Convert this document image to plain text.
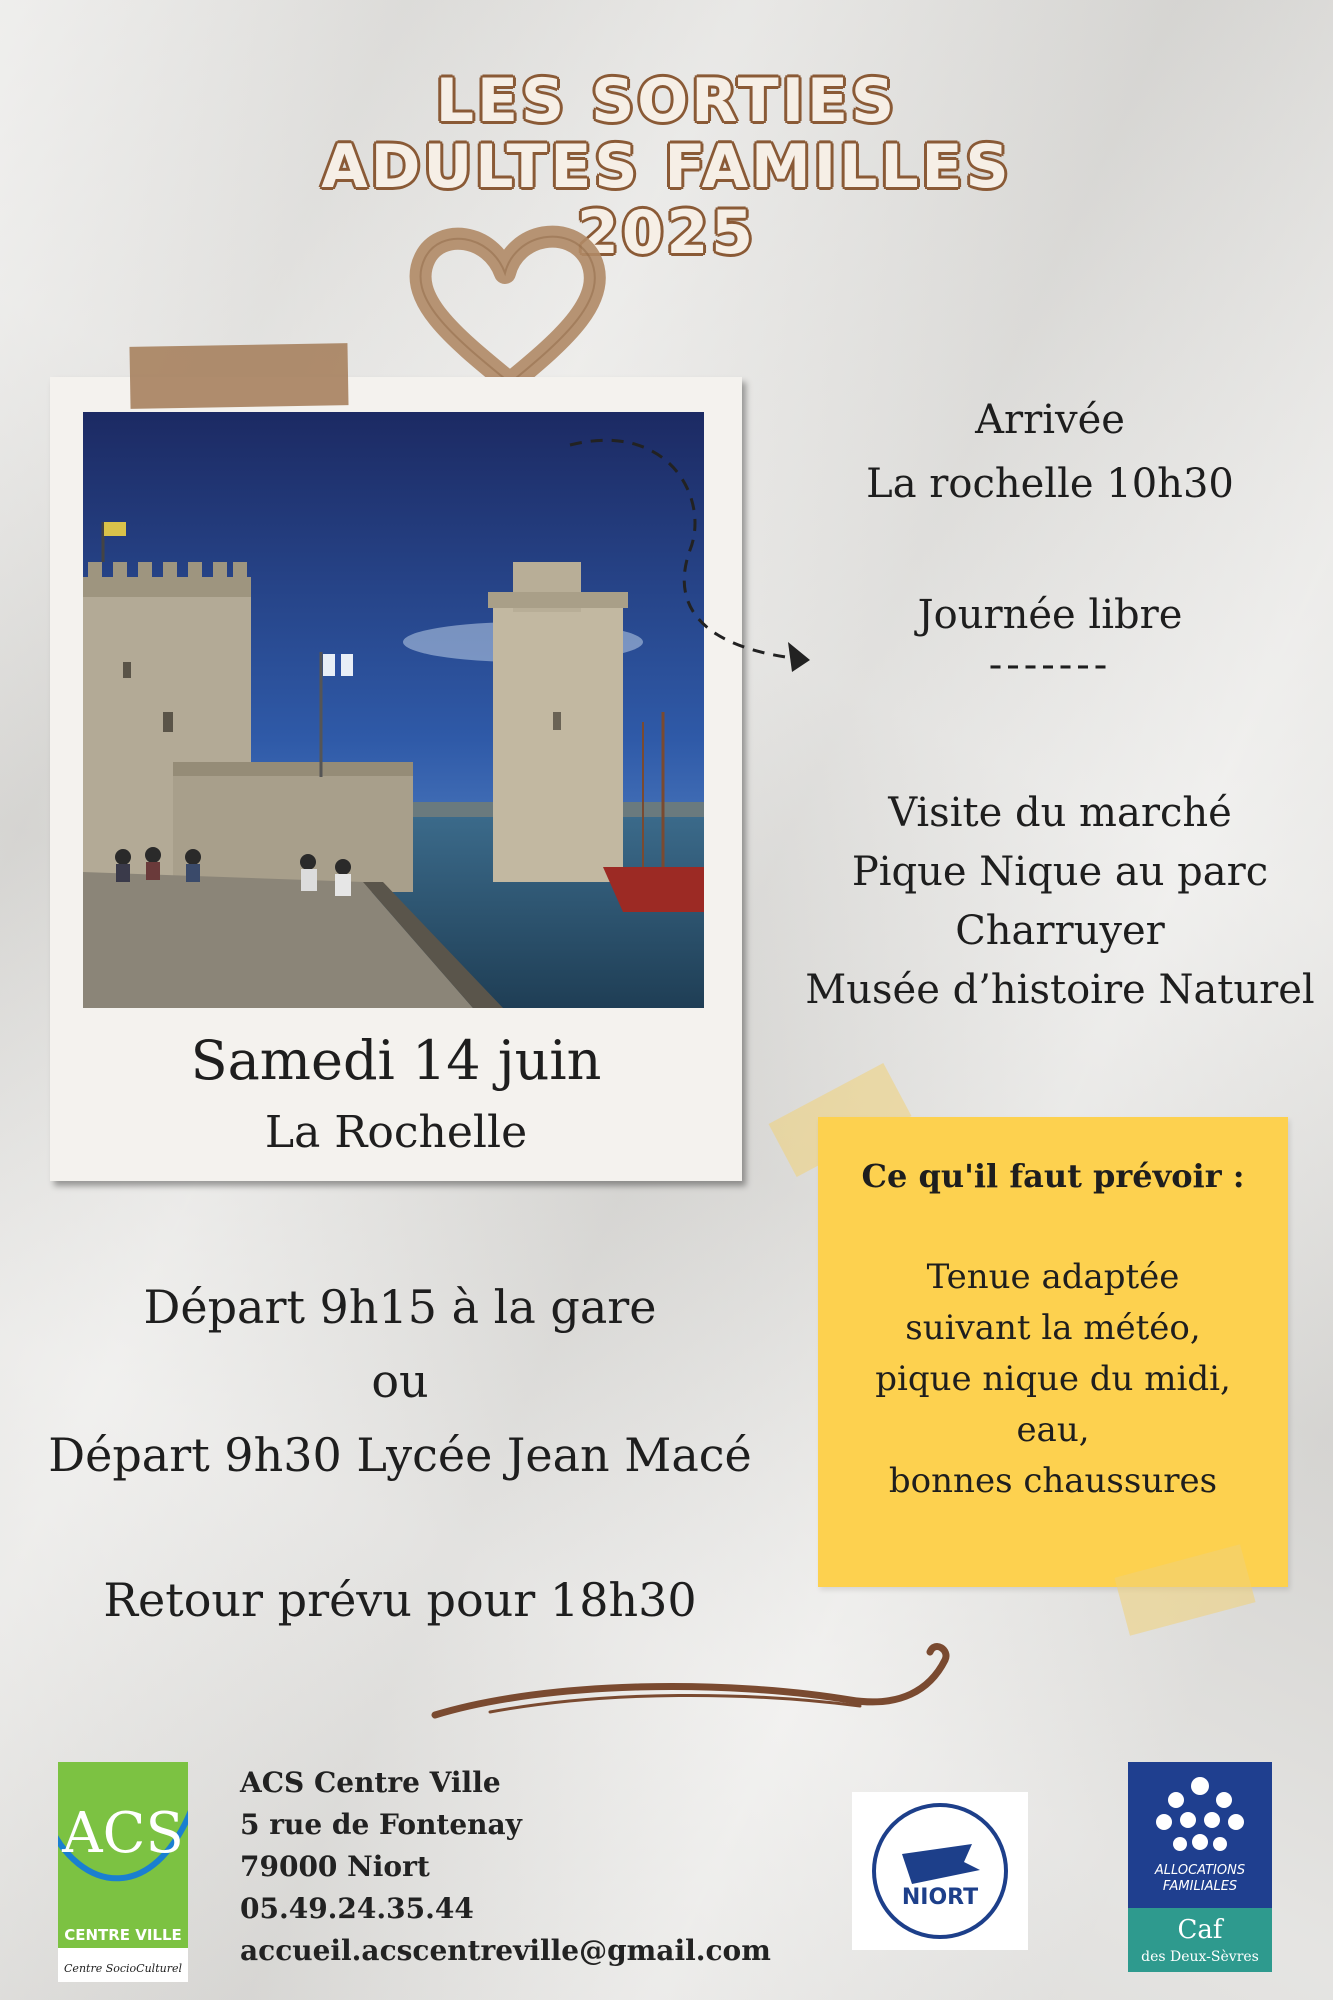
LES SORTIES
ADULTES FAMILLES
2025
Samedi 14 juin
La Rochelle
Arrivée
La rochelle 10h30
Journée libre
-------
Visite du marché
Pique Nique au parc
Charruyer
Musée d’histoire Naturel
Ce qu'il faut prévoir :
Tenue adaptée
suivant la météo,
pique nique du midi,
eau,
bonnes chaussures
Départ 9h15 à la gare
ou
Départ 9h30 Lycée Jean Macé
Retour prévu pour 18h30
ACS
CENTRE VILLE
Centre SocioCulturel
ACS Centre Ville
5 rue de Fontenay
79000 Niort
05.49.24.35.44
accueil.acscentreville@gmail.com
NIORT
ALLOCATIONS
FAMILIALES
Caf
des Deux-Sèvres
